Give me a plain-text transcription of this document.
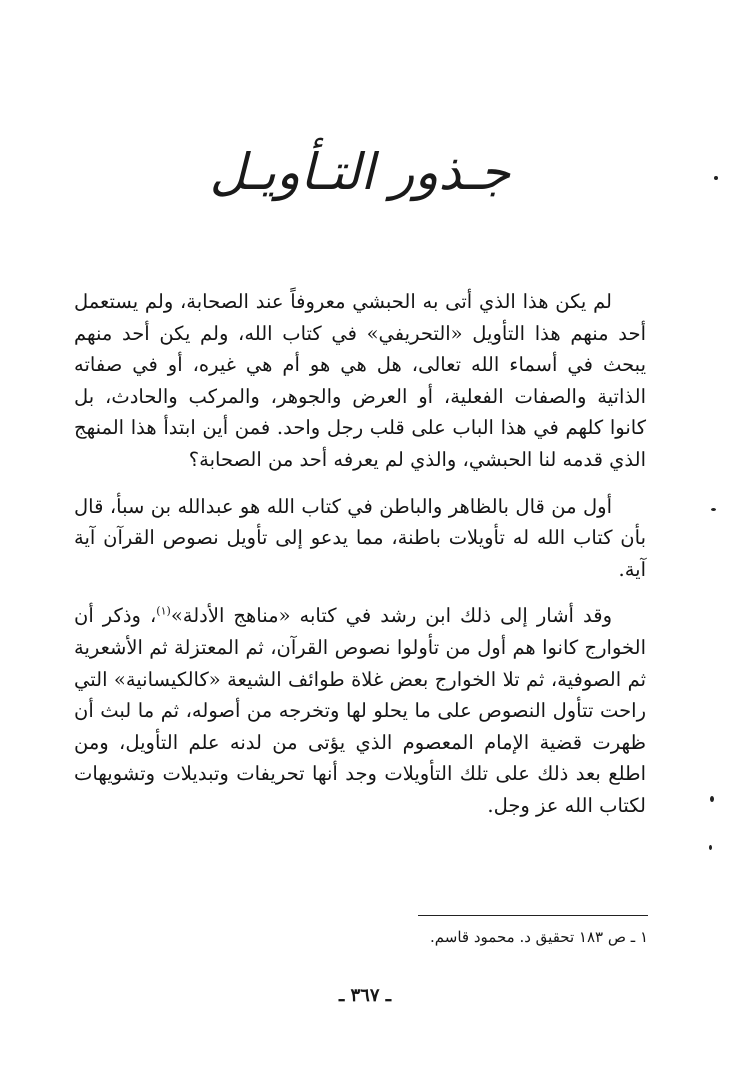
جـذور التـأويـل

لم يكن هذا الذي أتى به الحبشي معروفاً عند الصحابة، ولم يستعمل أحد منهم هذا التأويل «التحريفي» في كتاب الله، ولم يكن أحد منهم يبحث في أسماء الله تعالى، هل هي هو أم هي غيره، أو في صفاته الذاتية والصفات الفعلية، أو العرض والجوهر، والمركب والحادث، بل كانوا كلهم في هذا الباب على قلب رجل واحد. فمن أين ابتدأ هذا المنهج الذي قدمه لنا الحبشي، والذي لم يعرفه أحد من الصحابة؟

أول من قال بالظاهر والباطن في كتاب الله هو عبدالله بن سبأ، قال بأن كتاب الله له تأويلات باطنة، مما يدعو إلى تأويل نصوص القرآن آية آية.

وقد أشار إلى ذلك ابن رشد في كتابه «مناهج الأدلة»$^{(١)}$، وذكر أن الخوارج كانوا هم أول من تأولوا نصوص القرآن، ثم المعتزلة ثم الأشعرية ثم الصوفية، ثم تلا الخوارج بعض غلاة طوائف الشيعة «كالكيسانية» التي راحت تتأول النصوص على ما يحلو لها وتخرجه من أصوله، ثم ما لبث أن ظهرت قضية الإمام المعصوم الذي يؤتى من لدنه علم التأويل، ومن اطلع بعد ذلك على تلك التأويلات وجد أنها تحريفات وتبديلات وتشويهات لكتاب الله عز وجل.

١ ـ ص ١٨٣ تحقيق د. محمود قاسم.
ـ ٣٦٧ ـ
